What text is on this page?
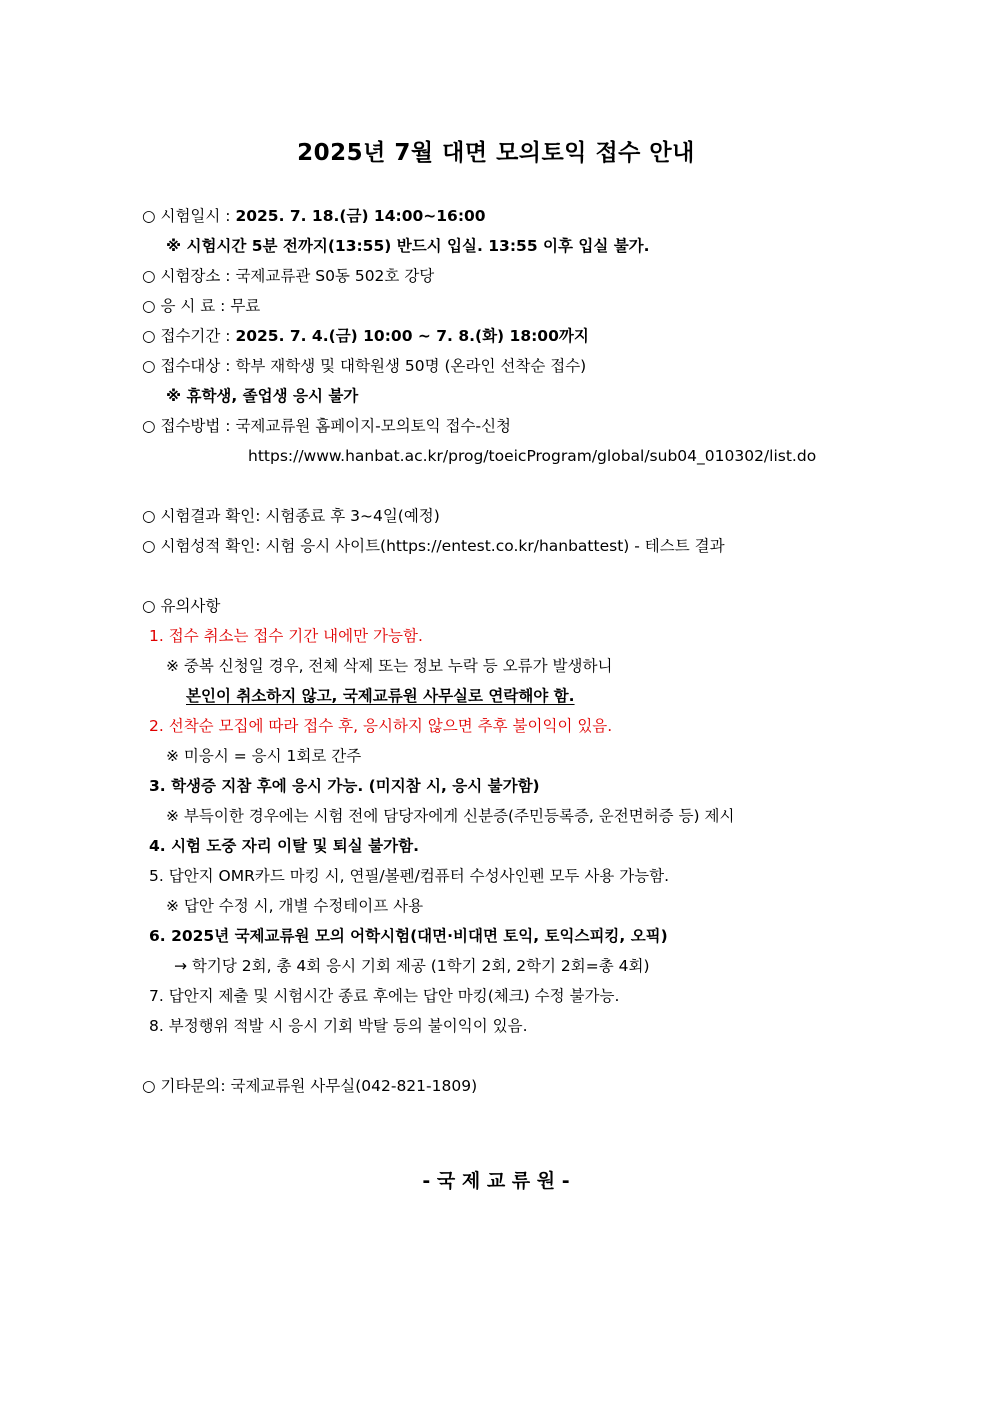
2025년 7월 대면 모의토익 접수 안내
○ 시험일시 : 2025. 7. 18.(금) 14:00~16:00
※ 시험시간 5분 전까지(13:55) 반드시 입실. 13:55 이후 입실 불가.
○ 시험장소 : 국제교류관 S0동 502호 강당
○ 응 시 료 : 무료
○ 접수기간 : 2025. 7. 4.(금) 10:00 ~ 7. 8.(화) 18:00까지
○ 접수대상 : 학부 재학생 및 대학원생 50명 (온라인 선착순 접수)
※ 휴학생, 졸업생 응시 불가
○ 접수방법 : 국제교류원 홈페이지-모의토익 접수-신청
https://www.hanbat.ac.kr/prog/toeicProgram/global/sub04_010302/list.do
○ 시험결과 확인: 시험종료 후 3~4일(예정)
○ 시험성적 확인: 시험 응시 사이트(https://entest.co.kr/hanbattest) - 테스트 결과
○ 유의사항
1. 접수 취소는 접수 기간 내에만 가능함.
※ 중복 신청일 경우, 전체 삭제 또는 정보 누락 등 오류가 발생하니
본인이 취소하지 않고, 국제교류원 사무실로 연락해야 함.
2. 선착순 모집에 따라 접수 후, 응시하지 않으면 추후 불이익이 있음.
※ 미응시 = 응시 1회로 간주
3. 학생증 지참 후에 응시 가능. (미지참 시, 응시 불가함)
※ 부득이한 경우에는 시험 전에 담당자에게 신분증(주민등록증, 운전면허증 등) 제시
4. 시험 도중 자리 이탈 및 퇴실 불가함.
5. 답안지 OMR카드 마킹 시, 연필/볼펜/컴퓨터 수성사인펜 모두 사용 가능함.
※ 답안 수정 시, 개별 수정테이프 사용
6. 2025년 국제교류원 모의 어학시험(대면·비대면 토익, 토익스피킹, 오픽)
→ 학기당 2회, 총 4회 응시 기회 제공 (1학기 2회, 2학기 2회=총 4회)
7. 답안지 제출 및 시험시간 종료 후에는 답안 마킹(체크) 수정 불가능.
8. 부정행위 적발 시 응시 기회 박탈 등의 불이익이 있음.
○ 기타문의: 국제교류원 사무실(042-821-1809)
- 국 제 교 류 원 -
